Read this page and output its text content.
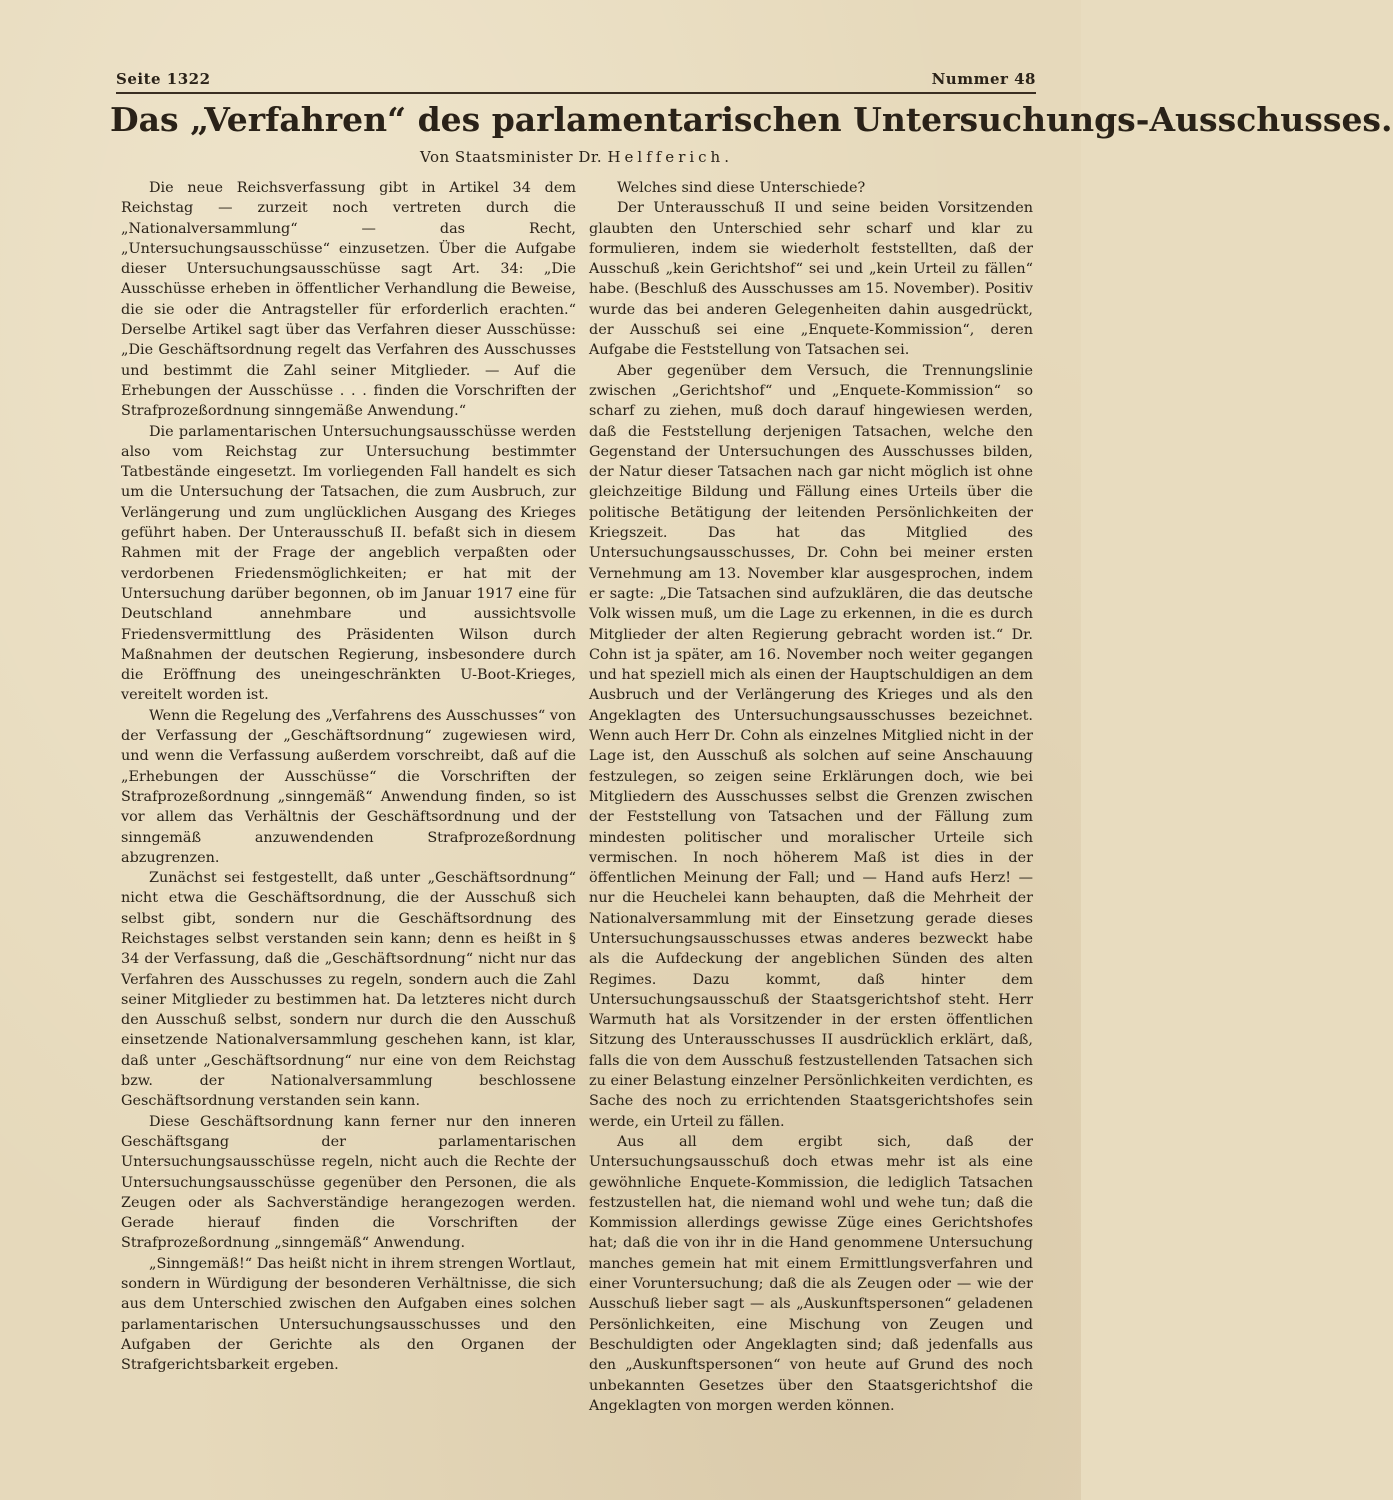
Seite 1322	Nummer 48
Das „Verfahren“ des parlamentarischen Untersuchungs-Ausschusses.
Von Staatsminister Dr. Helfferich.

Die neue Reichsverfassung gibt in Artikel 34 dem Reichstag — zurzeit noch vertreten durch die „Nationalversammlung“ — das Recht, „Untersuchungsausschüsse“ einzusetzen. Über die Aufgabe dieser Untersuchungsausschüsse sagt Art. 34: „Die Ausschüsse erheben in öffentlicher Verhandlung die Beweise, die sie oder die Antragsteller für erforderlich erachten.“ Derselbe Artikel sagt über das Verfahren dieser Ausschüsse: „Die Geschäftsordnung regelt das Verfahren des Ausschusses und bestimmt die Zahl seiner Mitglieder. — Auf die Erhebungen der Ausschüsse . . . finden die Vorschriften der Strafprozeßordnung sinngemäße Anwendung.“

Die parlamentarischen Untersuchungsausschüsse werden also vom Reichstag zur Untersuchung bestimmter Tatbestände eingesetzt. Im vorliegenden Fall handelt es sich um die Untersuchung der Tatsachen, die zum Ausbruch, zur Verlängerung und zum unglücklichen Ausgang des Krieges geführt haben. Der Unterausschuß II. befaßt sich in diesem Rahmen mit der Frage der angeblich verpaßten oder verdorbenen Friedensmöglichkeiten; er hat mit der Untersuchung darüber begonnen, ob im Januar 1917 eine für Deutschland annehmbare und aussichtsvolle Friedensvermittlung des Präsidenten Wilson durch Maßnahmen der deutschen Regierung, insbesondere durch die Eröffnung des uneingeschränkten U-Boot-Krieges, vereitelt worden ist.

Wenn die Regelung des „Verfahrens des Ausschusses“ von der Verfassung der „Geschäftsordnung“ zugewiesen wird, und wenn die Verfassung außerdem vorschreibt, daß auf die „Erhebungen der Ausschüsse“ die Vorschriften der Strafprozeßordnung „sinngemäß“ Anwendung finden, so ist vor allem das Verhältnis der Geschäftsordnung und der sinngemäß anzuwendenden Strafprozeßordnung abzugrenzen.

Zunächst sei festgestellt, daß unter „Geschäftsordnung“ nicht etwa die Geschäftsordnung, die der Ausschuß sich selbst gibt, sondern nur die Geschäftsordnung des Reichstages selbst verstanden sein kann; denn es heißt in § 34 der Verfassung, daß die „Geschäftsordnung“ nicht nur das Verfahren des Ausschusses zu regeln, sondern auch die Zahl seiner Mitglieder zu bestimmen hat. Da letzteres nicht durch den Ausschuß selbst, sondern nur durch die den Ausschuß einsetzende Nationalversammlung geschehen kann, ist klar, daß unter „Geschäftsordnung“ nur eine von dem Reichstag bzw. der Nationalversammlung beschlossene Geschäftsordnung verstanden sein kann.

Diese Geschäftsordnung kann ferner nur den inneren Geschäftsgang der parlamentarischen Untersuchungsausschüsse regeln, nicht auch die Rechte der Untersuchungsausschüsse gegenüber den Personen, die als Zeugen oder als Sachverständige herangezogen werden. Gerade hierauf finden die Vorschriften der Strafprozeßordnung „sinngemäß“ Anwendung.

„Sinngemäß!“ Das heißt nicht in ihrem strengen Wortlaut, sondern in Würdigung der besonderen Verhältnisse, die sich aus dem Unterschied zwischen den Aufgaben eines solchen parlamentarischen Untersuchungsausschusses und den Aufgaben der Gerichte als den Organen der Strafgerichtsbarkeit ergeben.

Welches sind diese Unterschiede?

Der Unterausschuß II und seine beiden Vorsitzenden glaubten den Unterschied sehr scharf und klar zu formulieren, indem sie wiederholt feststellten, daß der Ausschuß „kein Gerichtshof“ sei und „kein Urteil zu fällen“ habe. (Beschluß des Ausschusses am 15. November). Positiv wurde das bei anderen Gelegenheiten dahin ausgedrückt, der Ausschuß sei eine „Enquete-Kommission“, deren Aufgabe die Feststellung von Tatsachen sei.

Aber gegenüber dem Versuch, die Trennungslinie zwischen „Gerichtshof“ und „Enquete-Kommission“ so scharf zu ziehen, muß doch darauf hingewiesen werden, daß die Feststellung derjenigen Tatsachen, welche den Gegenstand der Untersuchungen des Ausschusses bilden, der Natur dieser Tatsachen nach gar nicht möglich ist ohne gleichzeitige Bildung und Fällung eines Urteils über die politische Betätigung der leitenden Persönlichkeiten der Kriegszeit. Das hat das Mitglied des Untersuchungsausschusses, Dr. Cohn bei meiner ersten Vernehmung am 13. November klar ausgesprochen, indem er sagte: „Die Tatsachen sind aufzuklären, die das deutsche Volk wissen muß, um die Lage zu erkennen, in die es durch Mitglieder der alten Regierung gebracht worden ist.“ Dr. Cohn ist ja später, am 16. November noch weiter gegangen und hat speziell mich als einen der Hauptschuldigen an dem Ausbruch und der Verlängerung des Krieges und als den Angeklagten des Untersuchungsausschusses bezeichnet. Wenn auch Herr Dr. Cohn als einzelnes Mitglied nicht in der Lage ist, den Ausschuß als solchen auf seine Anschauung festzulegen, so zeigen seine Erklärungen doch, wie bei Mitgliedern des Ausschusses selbst die Grenzen zwischen der Feststellung von Tatsachen und der Fällung zum mindesten politischer und moralischer Urteile sich vermischen. In noch höherem Maß ist dies in der öffentlichen Meinung der Fall; und — Hand aufs Herz! — nur die Heuchelei kann behaupten, daß die Mehrheit der Nationalversammlung mit der Einsetzung gerade dieses Untersuchungsausschusses etwas anderes bezweckt habe als die Aufdeckung der angeblichen Sünden des alten Regimes. Dazu kommt, daß hinter dem Untersuchungsausschuß der Staatsgerichtshof steht. Herr Warmuth hat als Vorsitzender in der ersten öffentlichen Sitzung des Unterausschusses II ausdrücklich erklärt, daß, falls die von dem Ausschuß festzustellenden Tatsachen sich zu einer Belastung einzelner Persönlichkeiten verdichten, es Sache des noch zu errichtenden Staatsgerichtshofes sein werde, ein Urteil zu fällen.

Aus all dem ergibt sich, daß der Untersuchungsausschuß doch etwas mehr ist als eine gewöhnliche Enquete-Kommission, die lediglich Tatsachen festzustellen hat, die niemand wohl und wehe tun; daß die Kommission allerdings gewisse Züge eines Gerichtshofes hat; daß die von ihr in die Hand genommene Untersuchung manches gemein hat mit einem Ermittlungsverfahren und einer Voruntersuchung; daß die als Zeugen oder — wie der Ausschuß lieber sagt — als „Auskunftspersonen“ geladenen Persönlichkeiten, eine Mischung von Zeugen und Beschuldigten oder Angeklagten sind; daß jedenfalls aus den „Auskunftspersonen“ von heute auf Grund des noch unbekannten Gesetzes über den Staatsgerichtshof die Angeklagten von morgen werden können.
